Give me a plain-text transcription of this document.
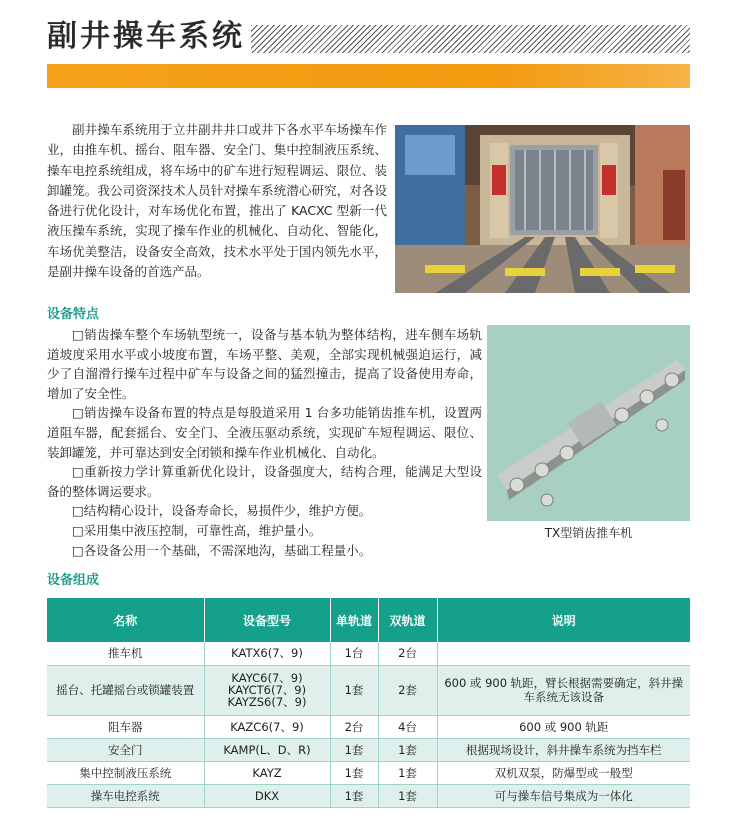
副井操车系统
副井操车系统用于立井副井井口或井下各水平车场操车作业，由推车机、摇台、阻车器、安全门、集中控制液压系统、操车电控系统组成，将车场中的矿车进行短程调运、限位、装卸罐笼。我公司资深技术人员针对操车系统潜心研究，对各设备进行优化设计，对车场优化布置，推出了 KACXC 型新一代液压操车系统，实现了操车作业的机械化、自动化、智能化，车场优美整洁，设备安全高效，技术水平处于国内领先水平，是副井操车设备的首选产品。
设备特点

□销齿操车整个车场轨型统一，设备与基本轨为整体结构，进车侧车场轨道坡度采用水平或小坡度布置，车场平整、美观，全部实现机械强迫运行，减少了自溜滑行操车过程中矿车与设备之间的猛烈撞击，提高了设备使用寿命，增加了安全性。

□销齿操车设备布置的特点是每股道采用 1 台多功能销齿推车机，设置两道阻车器，配套摇台、安全门、全液压驱动系统，实现矿车短程调运、限位、装卸罐笼，并可靠达到安全闭锁和操车作业机械化、自动化。

□重新按力学计算重新优化设计，设备强度大，结构合理，能满足大型设备的整体调运要求。

□结构精心设计，设备寿命长，易损件少，维护方便。

□采用集中液压控制，可靠性高，维护量小。

□各设备公用一个基础，不需深地沟，基础工程量小。

TX型销齿推车机
设备组成
名称	设备型号	单轨道	双轨道	说明
推车机	KATX6(7、9)	1台	2台	
摇台、托罐摇台或锁罐装置	KAYC6(7、9)
KAYCT6(7、9)
KAYZS6(7、9)	1套	2套	600 或 900 轨距，臂长根据需要确定，斜井操车系统无该设备
阻车器	KAZC6(7、9)	2台	4台	600 或 900 轨距
安全门	KAMP(L、D、R)	1套	1套	根据现场设计，斜井操车系统为挡车栏
集中控制液压系统	KAYZ	1套	1套	双机双泵，防爆型或一般型
操车电控系统	DKX	1套	1套	可与操车信号集成为一体化
